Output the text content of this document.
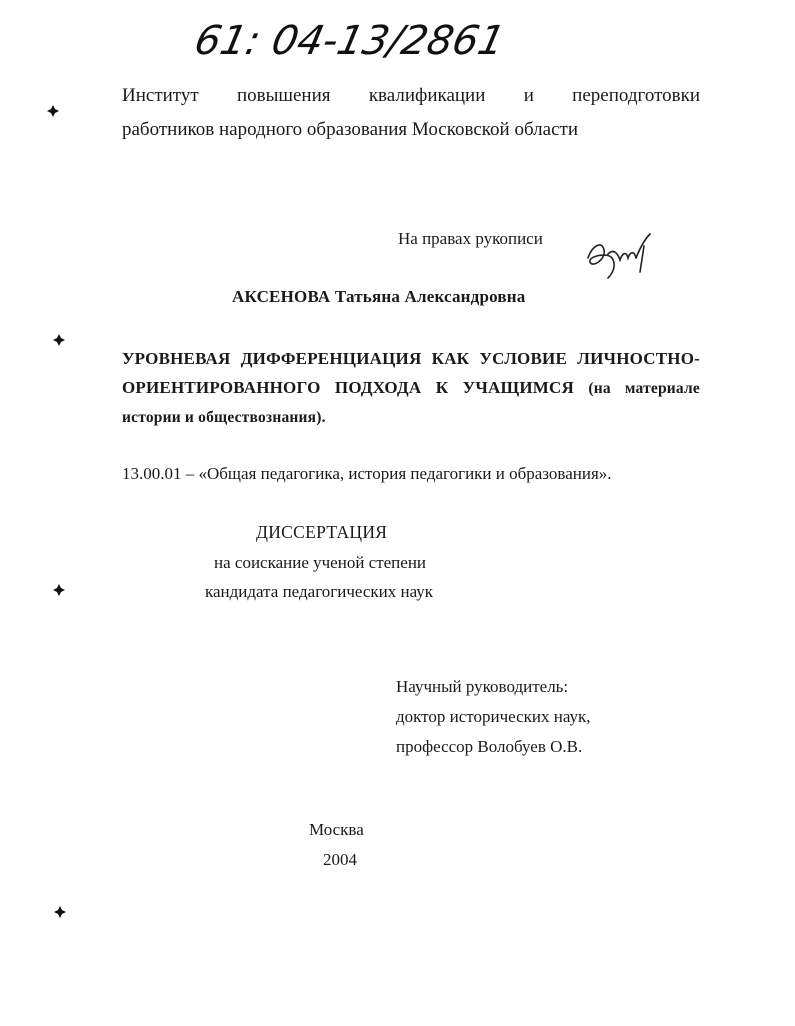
61: 04-13/2861
Институт повышения квалификации и переподготовки
работников народного образования Московской области
На правах рукописи
АКСЕНОВА Татьяна Александровна
УРОВНЕВАЯ ДИФФЕРЕНЦИАЦИЯ КАК УСЛОВИЕ ЛИЧНОСТНО-
ОРИЕНТИРОВАННОГО ПОДХОДА К УЧАЩИМСЯ (на материале
истории и обществознания).
13.00.01 – «Общая педагогика, история педагогики и образования».
ДИССЕРТАЦИЯ
на соискание ученой степени
кандидата педагогических наук
Научный руководитель:
доктор исторических наук,
профессор Волобуев О.В.
Москва
2004
